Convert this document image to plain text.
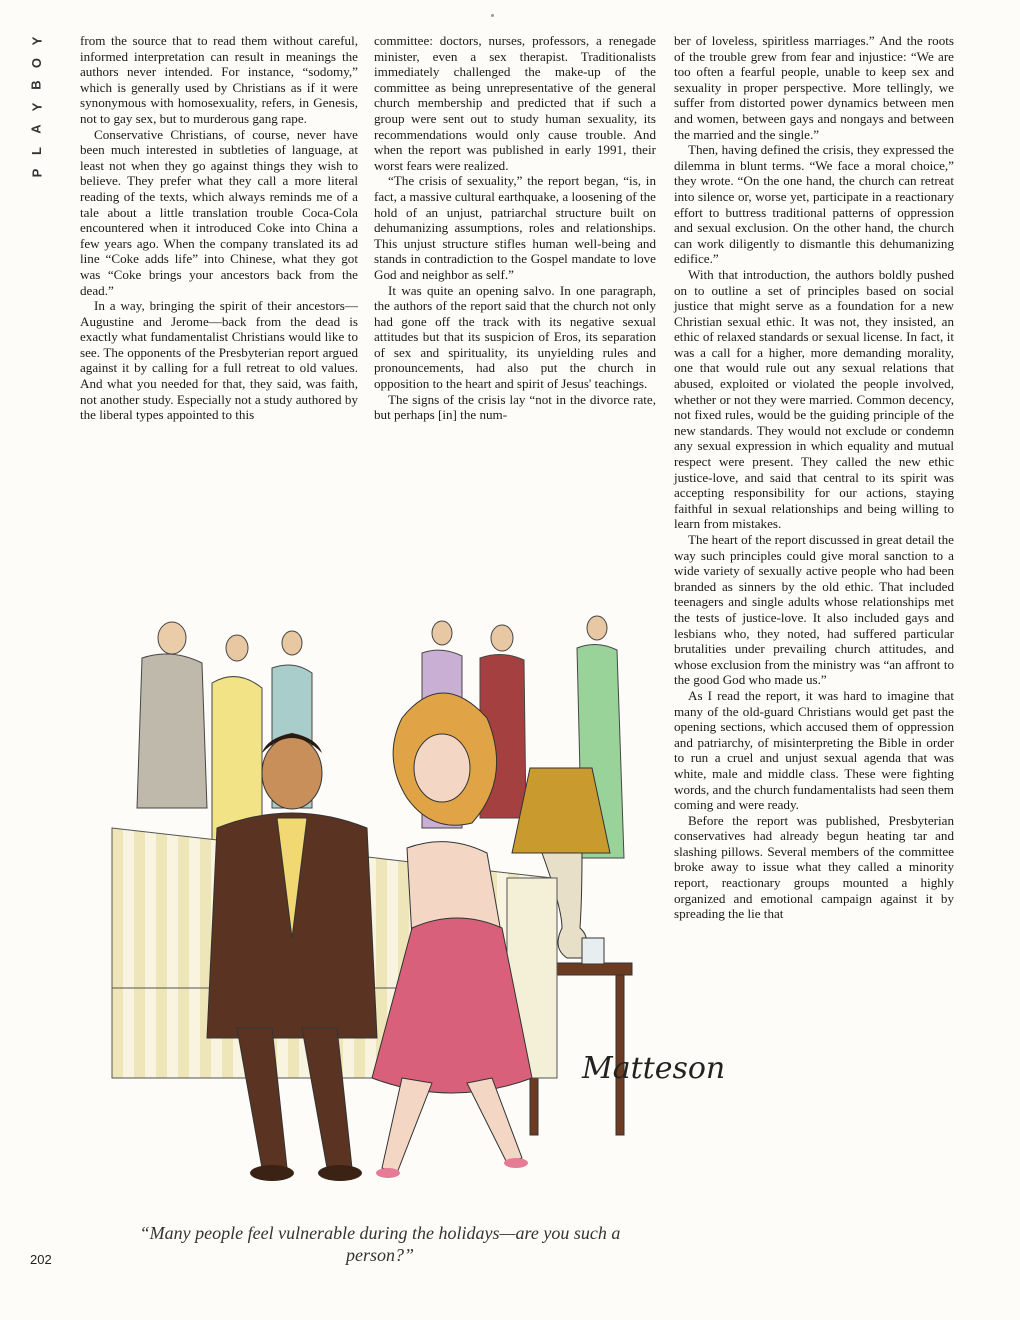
Y
O
B
Y
A
L
P

from the source that to read them without careful, informed interpretation can result in meanings the authors never intended. For instance, “sodomy,” which is generally used by Christians as if it were synonymous with homosexuality, refers, in Genesis, not to gay sex, but to murderous gang rape.

Conservative Christians, of course, never have been much interested in subtleties of language, at least not when they go against things they wish to believe. They prefer what they call a more literal reading of the texts, which always reminds me of a tale about a little translation trouble Coca-Cola encountered when it introduced Coke into China a few years ago. When the company translated its ad line “Coke adds life” into Chinese, what they got was “Coke brings your ancestors back from the dead.”

In a way, bringing the spirit of their ancestors—Augustine and Jerome—back from the dead is exactly what fundamentalist Christians would like to see. The opponents of the Presbyterian report argued against it by calling for a full retreat to old values. And what you needed for that, they said, was faith, not another study. Especially not a study authored by the liberal types appointed to this

committee: doctors, nurses, professors, a renegade minister, even a sex therapist. Traditionalists immediately challenged the make-up of the committee as being unrepresentative of the general church membership and predicted that if such a group were sent out to study human sexuality, its recommendations would only cause trouble. And when the report was published in early 1991, their worst fears were realized.

“The crisis of sexuality,” the report began, “is, in fact, a massive cultural earthquake, a loosening of the hold of an unjust, patriarchal structure built on dehumanizing assumptions, roles and relationships. This unjust structure stifles human well-being and stands in contradiction to the Gospel mandate to love God and neighbor as self.”

It was quite an opening salvo. In one paragraph, the authors of the report said that the church not only had gone off the track with its negative sexual attitudes but that its suspicion of Eros, its separation of sex and spirituality, its unyielding rules and pronouncements, had also put the church in opposition to the heart and spirit of Jesus' teachings.

The signs of the crisis lay “not in the divorce rate, but perhaps [in] the num-

ber of loveless, spiritless marriages.” And the roots of the trouble grew from fear and injustice: “We are too often a fearful people, unable to keep sex and sexuality in proper perspective. More tellingly, we suffer from distorted power dynamics between men and women, between gays and nongays and between the married and the single.”

Then, having defined the crisis, they expressed the dilemma in blunt terms. “We face a moral choice,” they wrote. “On the one hand, the church can retreat into silence or, worse yet, participate in a reactionary effort to buttress traditional patterns of oppression and sexual exclusion. On the other hand, the church can work diligently to dismantle this dehumanizing edifice.”

With that introduction, the authors boldly pushed on to outline a set of principles based on social justice that might serve as a foundation for a new Christian sexual ethic. It was not, they insisted, an ethic of relaxed standards or sexual license. In fact, it was a call for a higher, more demanding morality, one that would rule out any sexual relations that abused, exploited or violated the people involved, whether or not they were married. Common decency, not fixed rules, would be the guiding principle of the new standards. They would not exclude or condemn any sexual expression in which equality and mutual respect were present. They called the new ethic justice-love, and said that central to its spirit was accepting responsibility for our actions, staying faithful in sexual relationships and being willing to learn from mistakes.

The heart of the report discussed in great detail the way such principles could give moral sanction to a wide variety of sexually active people who had been branded as sinners by the old ethic. That included teenagers and single adults whose relationships met the tests of justice-love. It also included gays and lesbians who, they noted, had suffered particular brutalities under prevailing church attitudes, and whose exclusion from the ministry was “an affront to the good God who made us.”

As I read the report, it was hard to imagine that many of the old-guard Christians would get past the opening sections, which accused them of oppression and patriarchy, of misinterpreting the Bible in order to run a cruel and unjust sexual agenda that was white, male and middle class. These were fighting words, and the church fundamentalists had seen them coming and were ready.

Before the report was published, Presbyterian conservatives had already begun heating tar and slashing pillows. Several members of the committee broke away to issue what they called a minority report, reactionary groups mounted a highly organized and emotional campaign against it by spreading the lie that

Matteson
“Many people feel vulnerable during the holidays—are you such a person?”
202
